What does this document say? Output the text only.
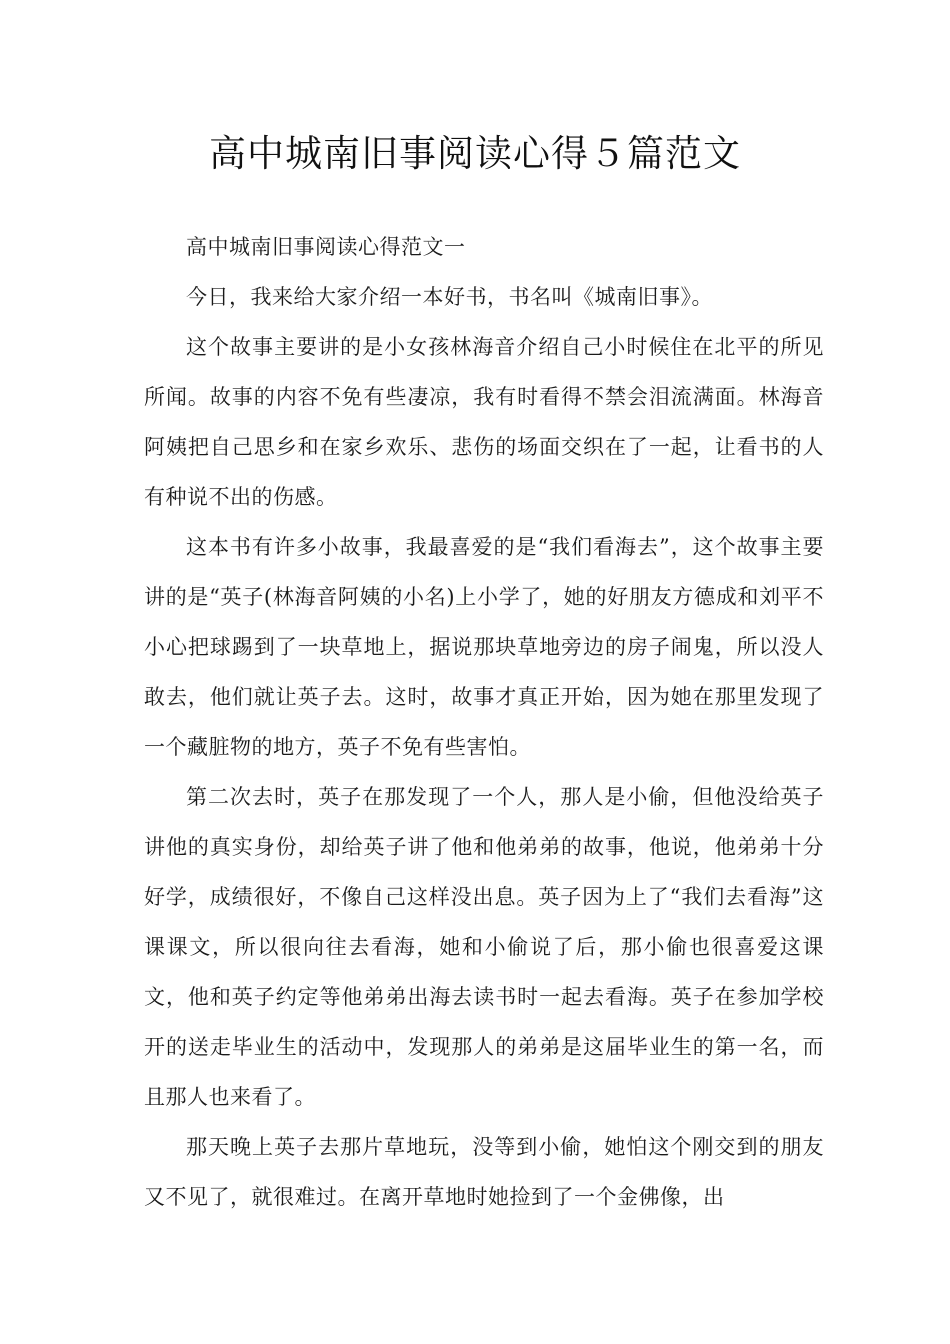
高中城南旧事阅读心得５篇范文

高中城南旧事阅读心得范文一

今日，我来给大家介绍一本好书，书名叫《城南旧事》。

这个故事主要讲的是小女孩林海音介绍自己小时候住在北平的所见所闻。故事的内容不免有些凄凉，我有时看得不禁会泪流满面。林海音阿姨把自己思乡和在家乡欢乐、悲伤的场面交织在了一起，让看书的人有种说不出的伤感。

这本书有许多小故事，我最喜爱的是“我们看海去”，这个故事主要讲的是“英子(林海音阿姨的小名)上小学了，她的好朋友方德成和刘平不小心把球踢到了一块草地上，据说那块草地旁边的房子闹鬼，所以没人敢去，他们就让英子去。这时，故事才真正开始，因为她在那里发现了一个藏脏物的地方，英子不免有些害怕。

第二次去时，英子在那发现了一个人，那人是小偷，但他没给英子讲他的真实身份，却给英子讲了他和他弟弟的故事，他说，他弟弟十分好学，成绩很好，不像自己这样没出息。英子因为上了“我们去看海”这课课文，所以很向往去看海，她和小偷说了后，那小偷也很喜爱这课文，他和英子约定等他弟弟出海去读书时一起去看海。英子在参加学校开的送走毕业生的活动中，发现那人的弟弟是这届毕业生的第一名，而且那人也来看了。

那天晚上英子去那片草地玩，没等到小偷，她怕这个刚交到的朋友又不见了，就很难过。在离开草地时她捡到了一个金佛像，出
